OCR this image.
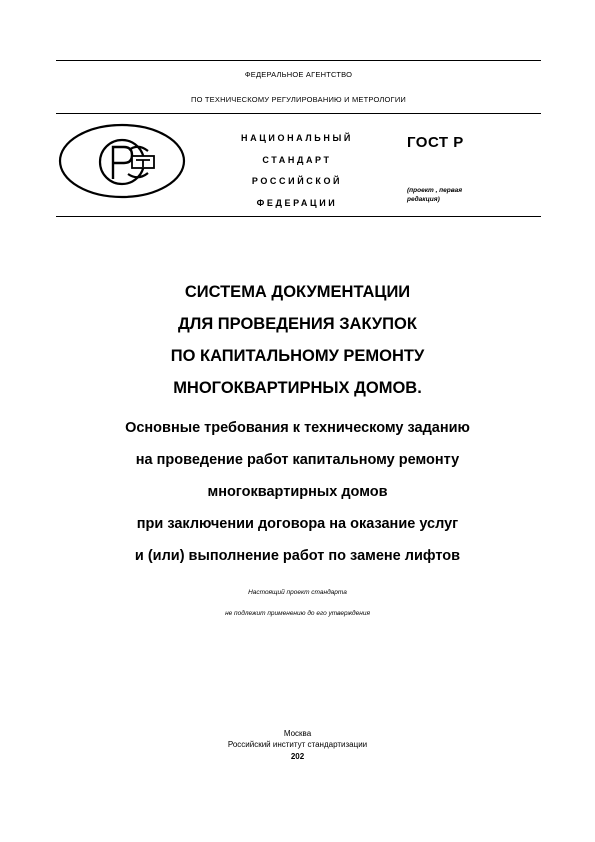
ФЕДЕРАЛЬНОЕ АГЕНТСТВО
ПО ТЕХНИЧЕСКОМУ РЕГУЛИРОВАНИЮ И МЕТРОЛОГИИ
НАЦИОНАЛЬНЫЙ
СТАНДАРТ
РОССИЙСКОЙ
ФЕДЕРАЦИИ
ГОСТ Р
(проект , первая
редакция)
СИСТЕМА ДОКУМЕНТАЦИИ
ДЛЯ ПРОВЕДЕНИЯ ЗАКУПОК
ПО КАПИТАЛЬНОМУ РЕМОНТУ
МНОГОКВАРТИРНЫХ ДОМОВ.
Основные требования к техническому заданию
на проведение работ капитальному ремонту
многоквартирных домов
при заключении договора на оказание услуг
и (или) выполнение работ по замене лифтов
Настоящий проект стандарта
не подлежит применению до его утверждения
Москва
Российский институт стандартизации
202
